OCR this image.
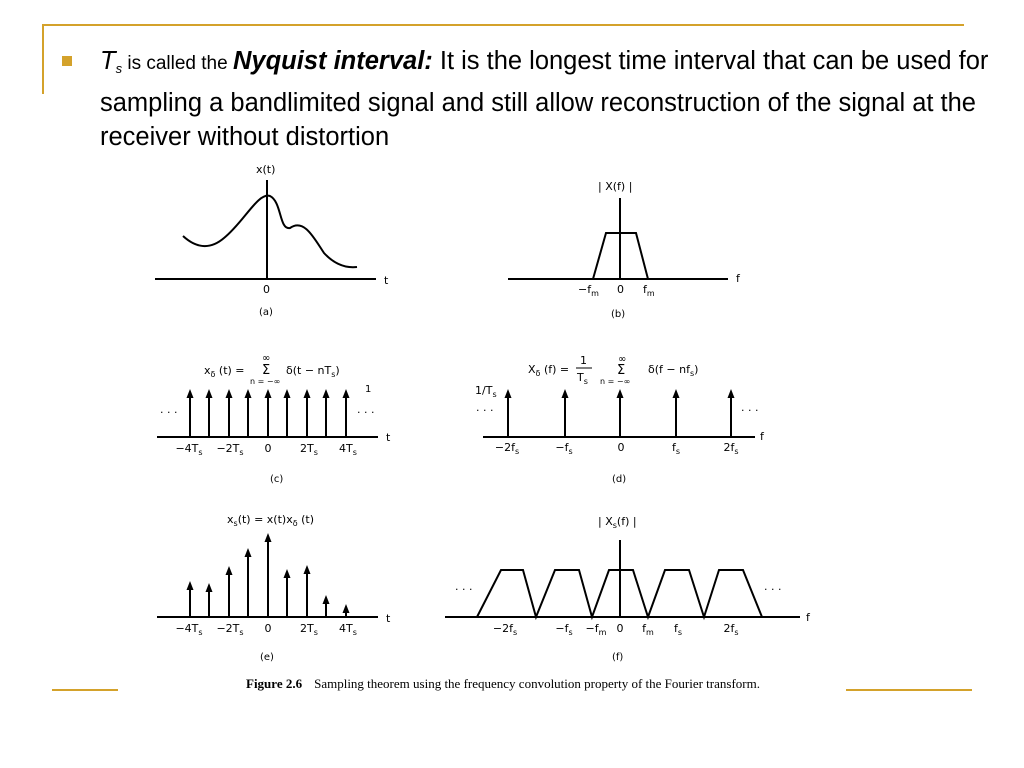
$T_s$ is called the Nyquist interval: It is the longest time interval that can be used for sampling a bandlimited signal and still allow reconstruction of the signal at the receiver without distortion
x(t)
t
0
(a)
| X(f) |
f
$-f_m$ 0 $f_m$
(b)
$x_\delta$ (t) =
∞
Σ
n = −∞
$\delta(t - nT_s)$
1
· · ·	· · ·
t
$-4T_s -2T_s$ 0	$2T_s$ $4T_s$
(c)
$X_\delta$ (f) =
1
$T_s$
∞
Σ
n = −∞
$\delta(f - nf_s)$
$1/T_s$
· · ·	· · ·
f
$-2f_s$	$-f_s$	0	$f_s$	$2f_s$
(d)
$x_s(t) = x(t)x_\delta$ (t)
t
$-4T_s -2T_s$ 0	$2T_s$ $4T_s$
(e)
| $X_s(f)$ |
· · ·	· · ·
f
$-2f_s$	$-f_s -f_m$ 0 $f_m$ $f_s$	$2f_s$
(f)
Figure 2.6 Sampling theorem using the frequency convolution property of the Fourier transform.
